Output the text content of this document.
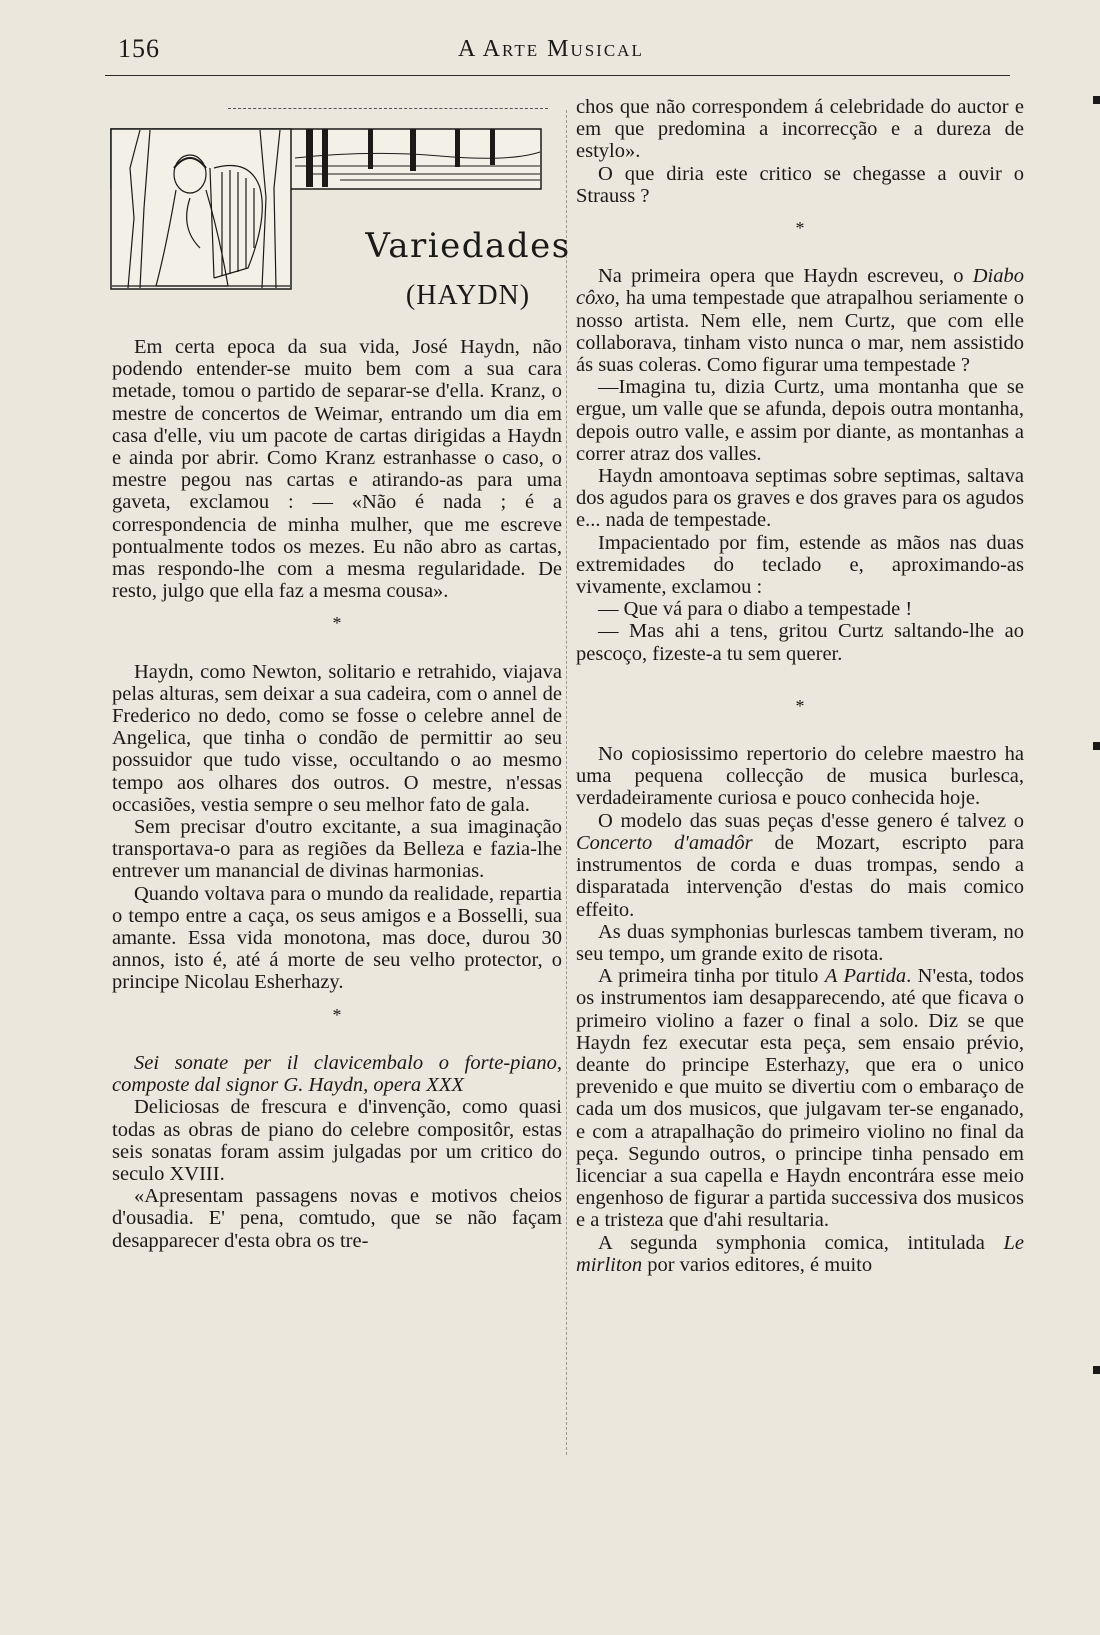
156	A Arte Musical
Variedades
(HAYDN)

Em certa epoca da sua vida, José Haydn, não podendo entender-se muito bem com a sua cara metade, tomou o partido de separar-se d'ella. Kranz, o mestre de concertos de Weimar, entrando um dia em casa d'elle, viu um pacote de cartas dirigidas a Haydn e ainda por abrir. Como Kranz estranhasse o caso, o mestre pegou nas cartas e atirando-as para uma gaveta, exclamou : — «Não é nada ; é a correspondencia de minha mulher, que me escreve pontualmente todos os mezes. Eu não abro as cartas, mas respondo-lhe com a mesma regularidade. De resto, julgo que ella faz a mesma cousa».

*

Haydn, como Newton, solitario e retrahido, viajava pelas alturas, sem deixar a sua cadeira, com o annel de Frederico no dedo, como se fosse o celebre annel de Angelica, que tinha o condão de permittir ao seu possuidor que tudo visse, occultando o ao mesmo tempo aos olhares dos outros. O mestre, n'essas occasiões, vestia sempre o seu melhor fato de gala.

Sem precisar d'outro excitante, a sua imaginação transportava-o para as regiões da Belleza e fazia-lhe entrever um manancial de divinas harmonias.

Quando voltava para o mundo da realidade, repartia o tempo entre a caça, os seus amigos e a Bosselli, sua amante. Essa vida monotona, mas doce, durou 30 annos, isto é, até á morte de seu velho protector, o principe Nicolau Esherhazy.

*

Sei sonate per il clavicembalo o forte-piano, composte dal signor G. Haydn, opera XXX

Deliciosas de frescura e d'invenção, como quasi todas as obras de piano do celebre compositôr, estas seis sonatas foram assim julgadas por um critico do seculo XVIII.

«Apresentam passagens novas e motivos cheios d'ousadia. E' pena, comtudo, que se não façam desapparecer d'esta obra os tre-

chos que não correspondem á celebridade do auctor e em que predomina a incorrecção e a dureza de estylo».

O que diria este critico se chegasse a ouvir o Strauss ?

*

Na primeira opera que Haydn escreveu, o Diabo côxo, ha uma tempestade que atrapalhou seriamente o nosso artista. Nem elle, nem Curtz, que com elle collaborava, tinham visto nunca o mar, nem assistido ás suas coleras. Como figurar uma tempestade ?

—Imagina tu, dizia Curtz, uma montanha que se ergue, um valle que se afunda, depois outra montanha, depois outro valle, e assim por diante, as montanhas a correr atraz dos valles.

Haydn amontoava septimas sobre septimas, saltava dos agudos para os graves e dos graves para os agudos e... nada de tempestade.

Impacientado por fim, estende as mãos nas duas extremidades do teclado e, aproximando-as vivamente, exclamou :

— Que vá para o diabo a tempestade !

— Mas ahi a tens, gritou Curtz saltando-lhe ao pescoço, fizeste-a tu sem querer.

*

No copiosissimo repertorio do celebre maestro ha uma pequena collecção de musica burlesca, verdadeiramente curiosa e pouco conhecida hoje.

O modelo das suas peças d'esse genero é talvez o Concerto d'amadôr de Mozart, escripto para instrumentos de corda e duas trompas, sendo a disparatada intervenção d'estas do mais comico effeito.

As duas symphonias burlescas tambem tiveram, no seu tempo, um grande exito de risota.

A primeira tinha por titulo A Partida. N'esta, todos os instrumentos iam desapparecendo, até que ficava o primeiro violino a fazer o final a solo. Diz se que Haydn fez executar esta peça, sem ensaio prévio, deante do principe Esterhazy, que era o unico prevenido e que muito se divertiu com o embaraço de cada um dos musicos, que julgavam ter-se enganado, e com a atrapalhação do primeiro violino no final da peça. Segundo outros, o principe tinha pensado em licenciar a sua capella e Haydn encontrára esse meio engenhoso de figurar a partida successiva dos musicos e a tristeza que d'ahi resultaria.

A segunda symphonia comica, intitulada Le mirliton por varios editores, é muito
